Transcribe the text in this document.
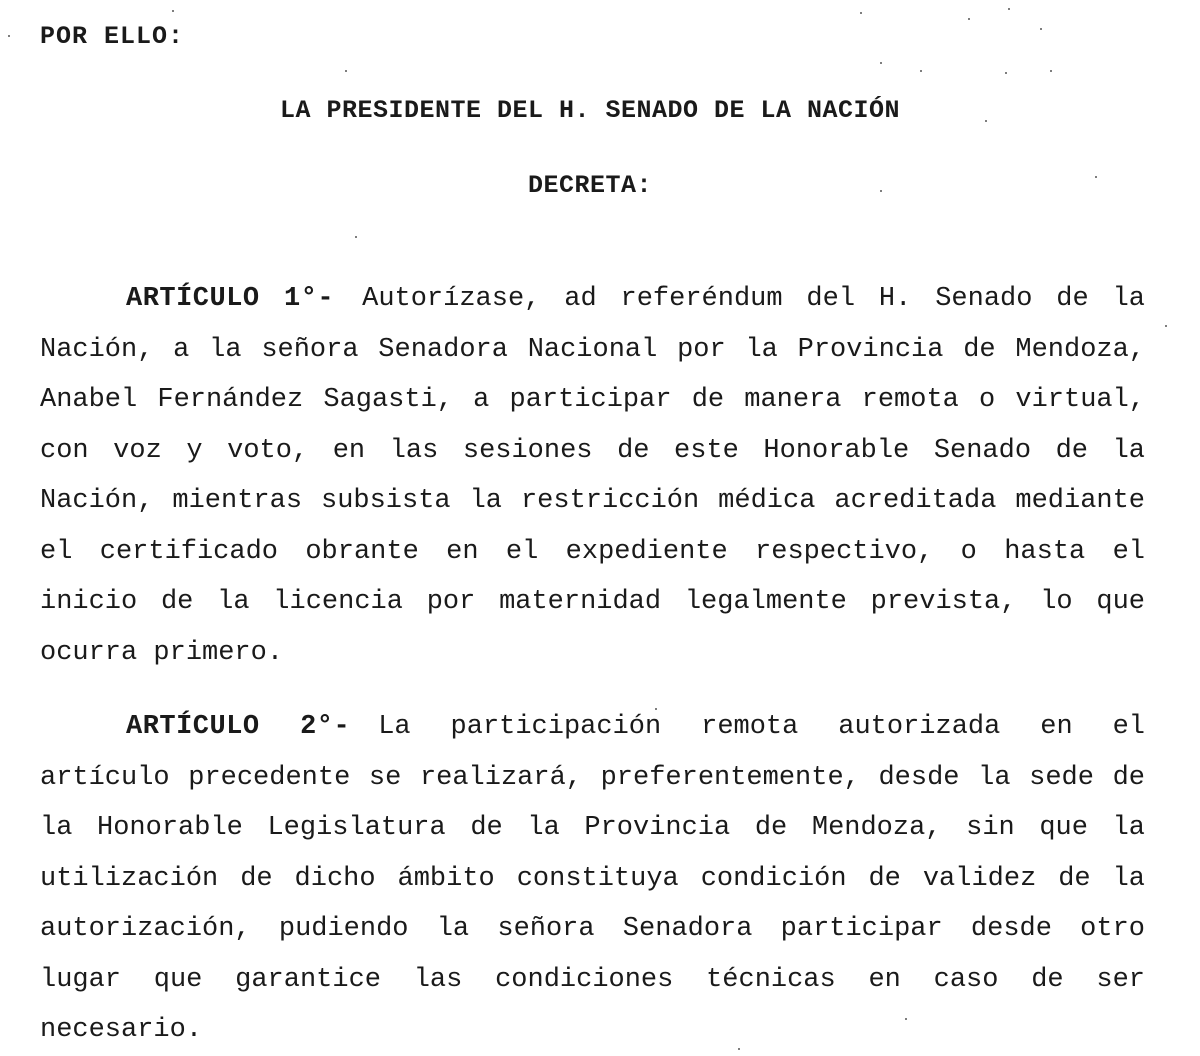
POR ELLO:
LA PRESIDENTE DEL H. SENADO DE LA NACIÓN
DECRETA:
ARTÍCULO 1°- Autorízase, ad referéndum del H. Senado de la Nación, a la señora Senadora Nacional por la Provincia de Mendoza, Anabel Fernández Sagasti, a participar de manera remota o virtual, con voz y voto, en las sesiones de este Honorable Senado de la Nación, mientras subsista la restricción médica acreditada mediante el certificado obrante en el expediente respectivo, o hasta el inicio de la licencia por maternidad legalmente prevista, lo que ocurra primero.
ARTÍCULO 2°- La participación remota autorizada en el artículo precedente se realizará, preferentemente, desde la sede de la Honorable Legislatura de la Provincia de Mendoza, sin que la utilización de dicho ámbito constituya condición de validez de la autorización, pudiendo la señora Senadora participar desde otro lugar que garantice las condiciones técnicas en caso de ser necesario.
